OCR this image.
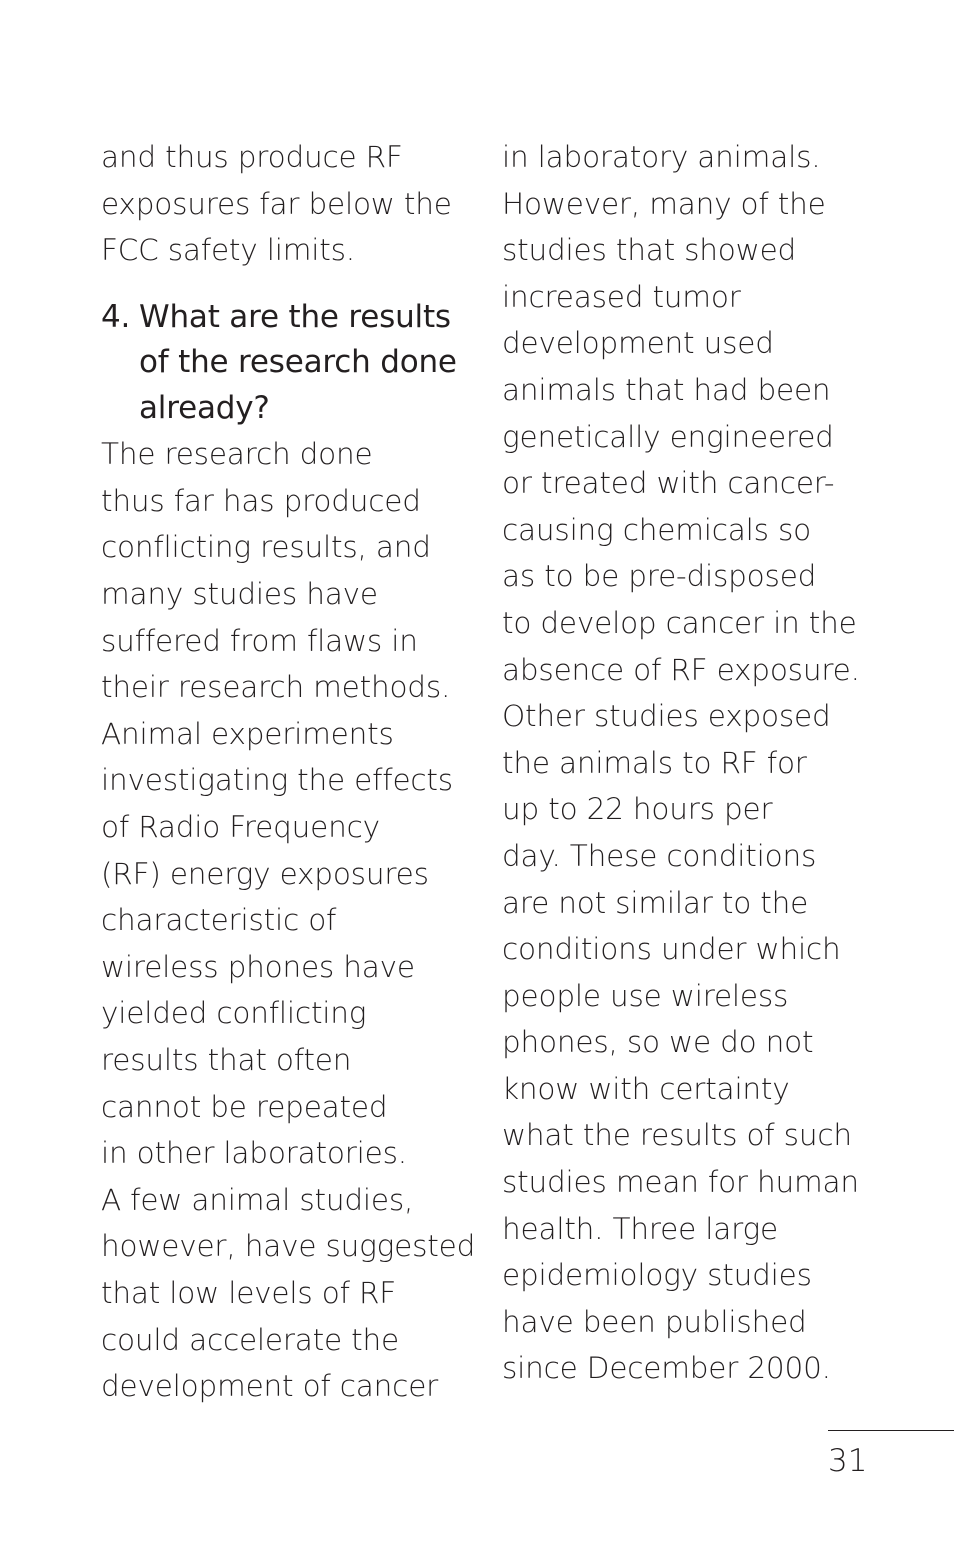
and thus produce RF
exposures far below the
FCC safety limits.
4. What are the results
of the research done
already?
The research done
thus far has produced
conflicting results, and
many studies have
suffered from flaws in
their research methods.
Animal experiments
investigating the effects
of Radio Frequency
(RF) energy exposures
characteristic of
wireless phones have
yielded conflicting
results that often
cannot be repeated
in other laboratories.
A few animal studies,
however, have suggested
that low levels of RF
could accelerate the
development of cancer
in laboratory animals.
However, many of the
studies that showed
increased tumor
development used
animals that had been
genetically engineered
or treated with cancer-
causing chemicals so
as to be pre-disposed
to develop cancer in the
absence of RF exposure.
Other studies exposed
the animals to RF for
up to 22 hours per
day. These conditions
are not similar to the
conditions under which
people use wireless
phones, so we do not
know with certainty
what the results of such
studies mean for human
health. Three large
epidemiology studies
have been published
since December 2000.
31
